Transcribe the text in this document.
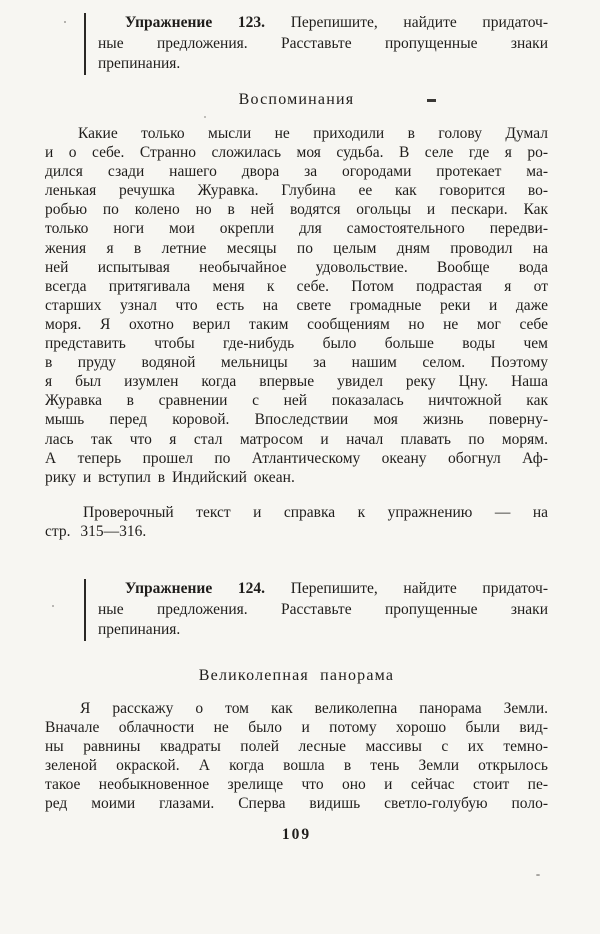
Упражнение 123. Перепишите, найдите придаточ-
ные предложения. Расставьте пропущенные знаки
препинания.
Воспоминания
Какие только мысли не приходили в голову Думал
и о себе. Странно сложилась моя судьба. В селе где я ро-
дился сзади нашего двора за огородами протекает ма-
ленькая речушка Журавка. Глубина ее как говорится во-
робью по колено но в ней водятся огольцы и пескари. Как
только ноги мои окрепли для самостоятельного передви-
жения я в летние месяцы по целым дням проводил на
ней испытывая необычайное удовольствие. Вообще вода
всегда притягивала меня к себе. Потом подрастая я от
старших узнал что есть на свете громадные реки и даже
моря. Я охотно верил таким сообщениям но не мог себе
представить чтобы где-нибудь было больше воды чем
в пруду водяной мельницы за нашим селом. Поэтому
я был изумлен когда впервые увидел реку Цну. Наша
Журавка в сравнении с ней показалась ничтожной как
мышь перед коровой. Впоследствии моя жизнь поверну-
лась так что я стал матросом и начал плавать по морям.
А теперь прошел по Атлантическому океану обогнул Аф-
рику и вступил в Индийский океан.
Проверочный текст и справка к упражнению — на
стр. 315—316.
Упражнение 124. Перепишите, найдите придаточ-
ные предложения. Расставьте пропущенные знаки
препинания.
Великолепная панорама
Я расскажу о том как великолепна панорама Земли.
Вначале облачности не было и потому хорошо были вид-
ны равнины квадраты полей лесные массивы с их темно-
зеленой окраской. А когда вошла в тень Земли открылось
такое необыкновенное зрелище что оно и сейчас стоит пе-
ред моими глазами. Сперва видишь светло-голубую поло-
109
